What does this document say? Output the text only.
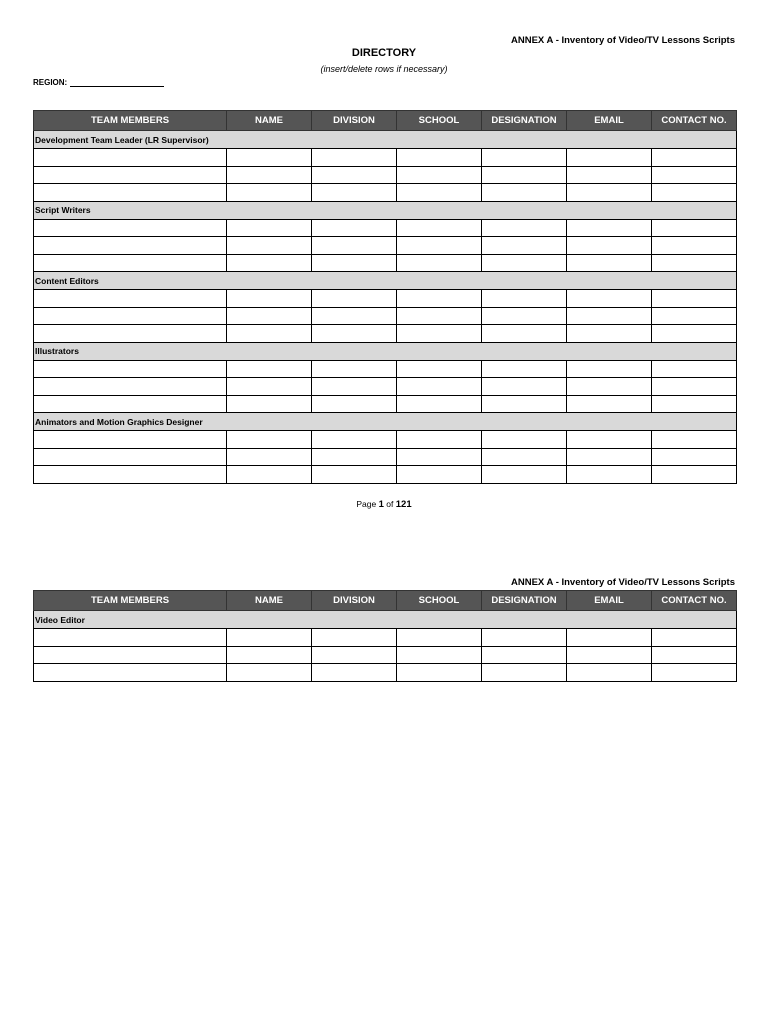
ANNEX A - Inventory of Video/TV Lessons Scripts
DIRECTORY
(insert/delete rows if necessary)
REGION:
TEAM MEMBERS	NAME	DIVISION	SCHOOL	DESIGNATION	EMAIL	CONTACT NO.
Development Team Leader (LR Supervisor)						

Script Writers						

Content Editors						

Illustrators						

Animators and Motion Graphics Designer						

Page 1 of 121
ANNEX A - Inventory of Video/TV Lessons Scripts
TEAM MEMBERS	NAME	DIVISION	SCHOOL	DESIGNATION	EMAIL	CONTACT NO.
Video Editor						
